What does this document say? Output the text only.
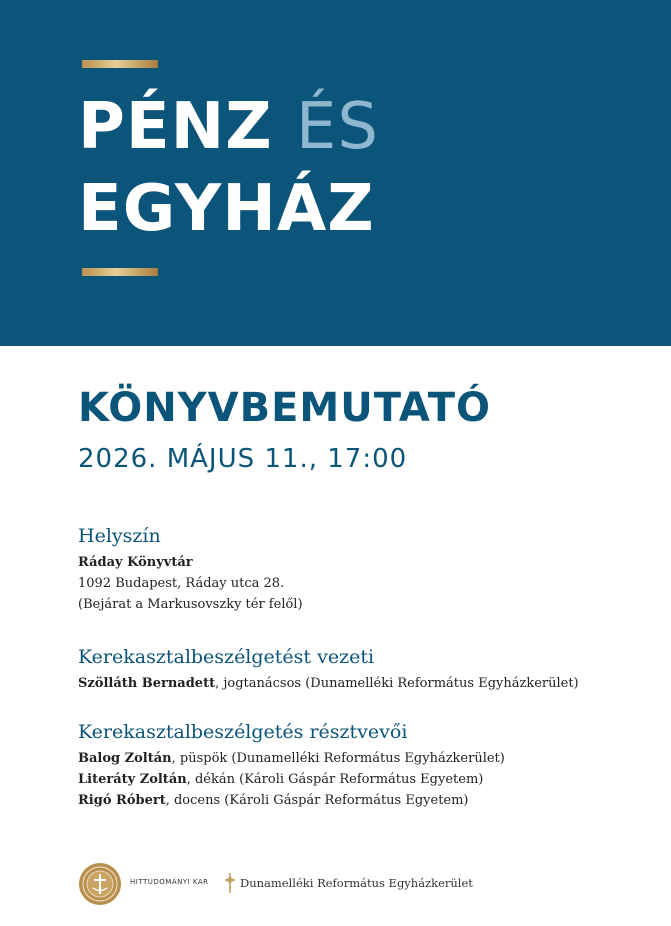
PÉNZ ÉS
EGYHÁZ
KÖNYVBEMUTATÓ
2026. MÁJUS 11., 17:00
Helyszín
Ráday Könyvtár
1092 Budapest, Ráday utca 28.
(Bejárat a Markusovszky tér felől)
Kerekasztalbeszélgetést vezeti
Szölláth Bernadett, jogtanácsos (Dunamelléki Református Egyházkerület)
Kerekasztalbeszélgetés résztvevői
Balog Zoltán, püspök (Dunamelléki Református Egyházkerület)
Literáty Zoltán, dékán (Károli Gáspár Református Egyetem)
Rigó Róbert, docens (Károli Gáspár Református Egyetem)
HITTUDOMÁNYI KAR	Dunamelléki Református Egyházkerület
